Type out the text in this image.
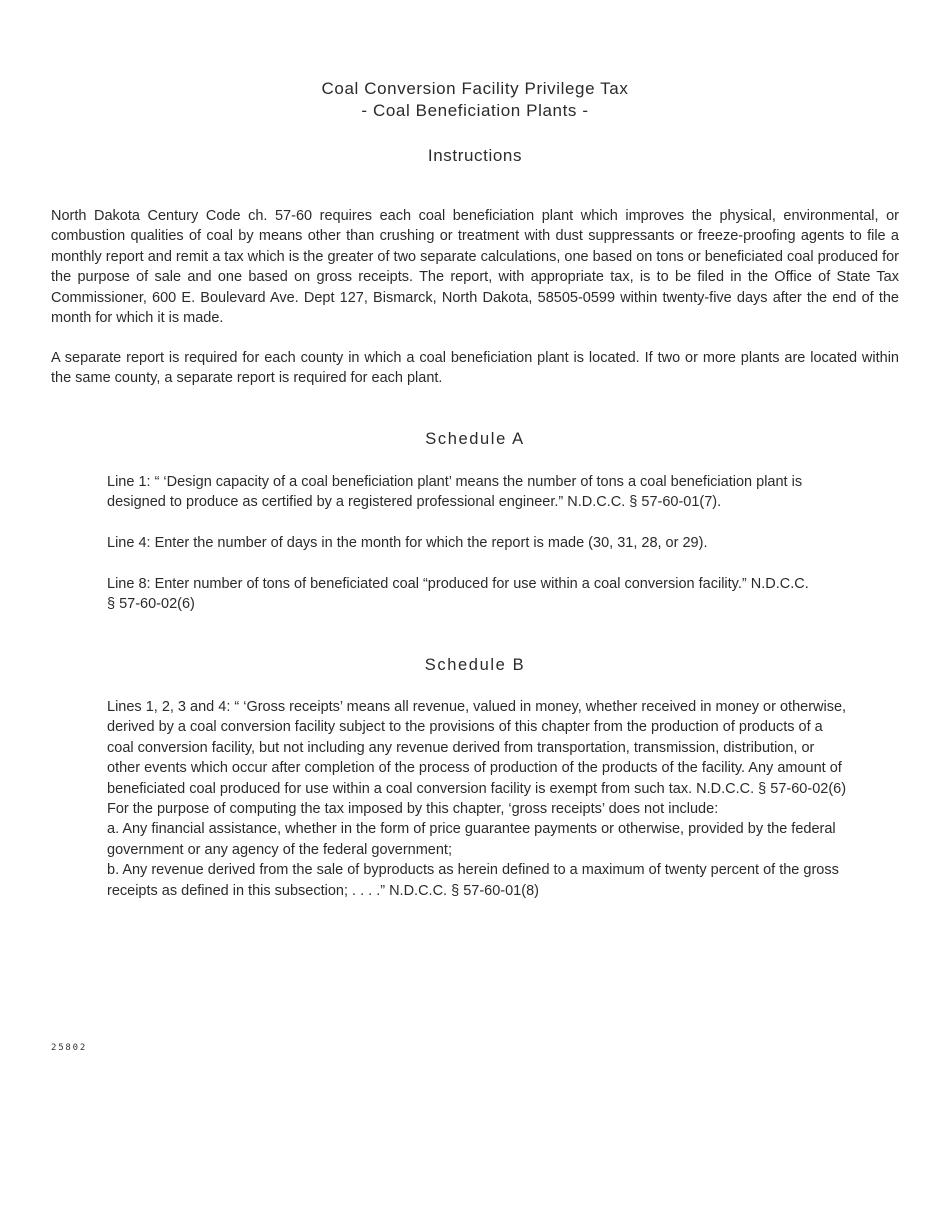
Coal Conversion Facility Privilege Tax
- Coal Beneficiation Plants -
Instructions

North Dakota Century Code ch. 57-60 requires each coal beneficiation plant which improves the physical, environmental, or combustion qualities of coal by means other than crushing or treatment with dust suppressants or freeze-proofing agents to file a monthly report and remit a tax which is the greater of two separate calculations, one based on tons or beneficiated coal produced for the purpose of sale and one based on gross receipts. The report, with appropriate tax, is to be filed in the Office of State Tax Commissioner, 600 E. Boulevard Ave. Dept 127, Bismarck, North Dakota, 58505-0599 within twenty-five days after the end of the month for which it is made.

A separate report is required for each county in which a coal beneficiation plant is located. If two or more plants are located within the same county, a separate report is required for each plant.

Schedule A

Line 1: “ ‘Design capacity of a coal beneficiation plant’ means the number of tons a coal beneficiation plant is designed to produce as certified by a registered professional engineer.” N.D.C.C. § 57-60-01(7).

Line 4: Enter the number of days in the month for which the report is made (30, 31, 28, or 29).

Line 8: Enter number of tons of beneficiated coal “produced for use within a coal conversion facility.” N.D.C.C. § 57-60-02(6)

Schedule B

Lines 1, 2, 3 and 4: “ ‘Gross receipts’ means all revenue, valued in money, whether received in money or otherwise, derived by a coal conversion facility subject to the provisions of this chapter from the production of products of a coal conversion facility, but not including any revenue derived from transportation, transmission, distribution, or other events which occur after completion of the process of production of the products of the facility. Any amount of beneficiated coal produced for use within a coal conversion facility is exempt from such tax. N.D.C.C. § 57-60-02(6) For the purpose of computing the tax imposed by this chapter, ‘gross receipts’ does not include:

a. Any financial assistance, whether in the form of price guarantee payments or otherwise, provided by the federal government or any agency of the federal government;

b. Any revenue derived from the sale of byproducts as herein defined to a maximum of twenty percent of the gross receipts as defined in this subsection; . . . .” N.D.C.C. § 57-60-01(8)

25802
